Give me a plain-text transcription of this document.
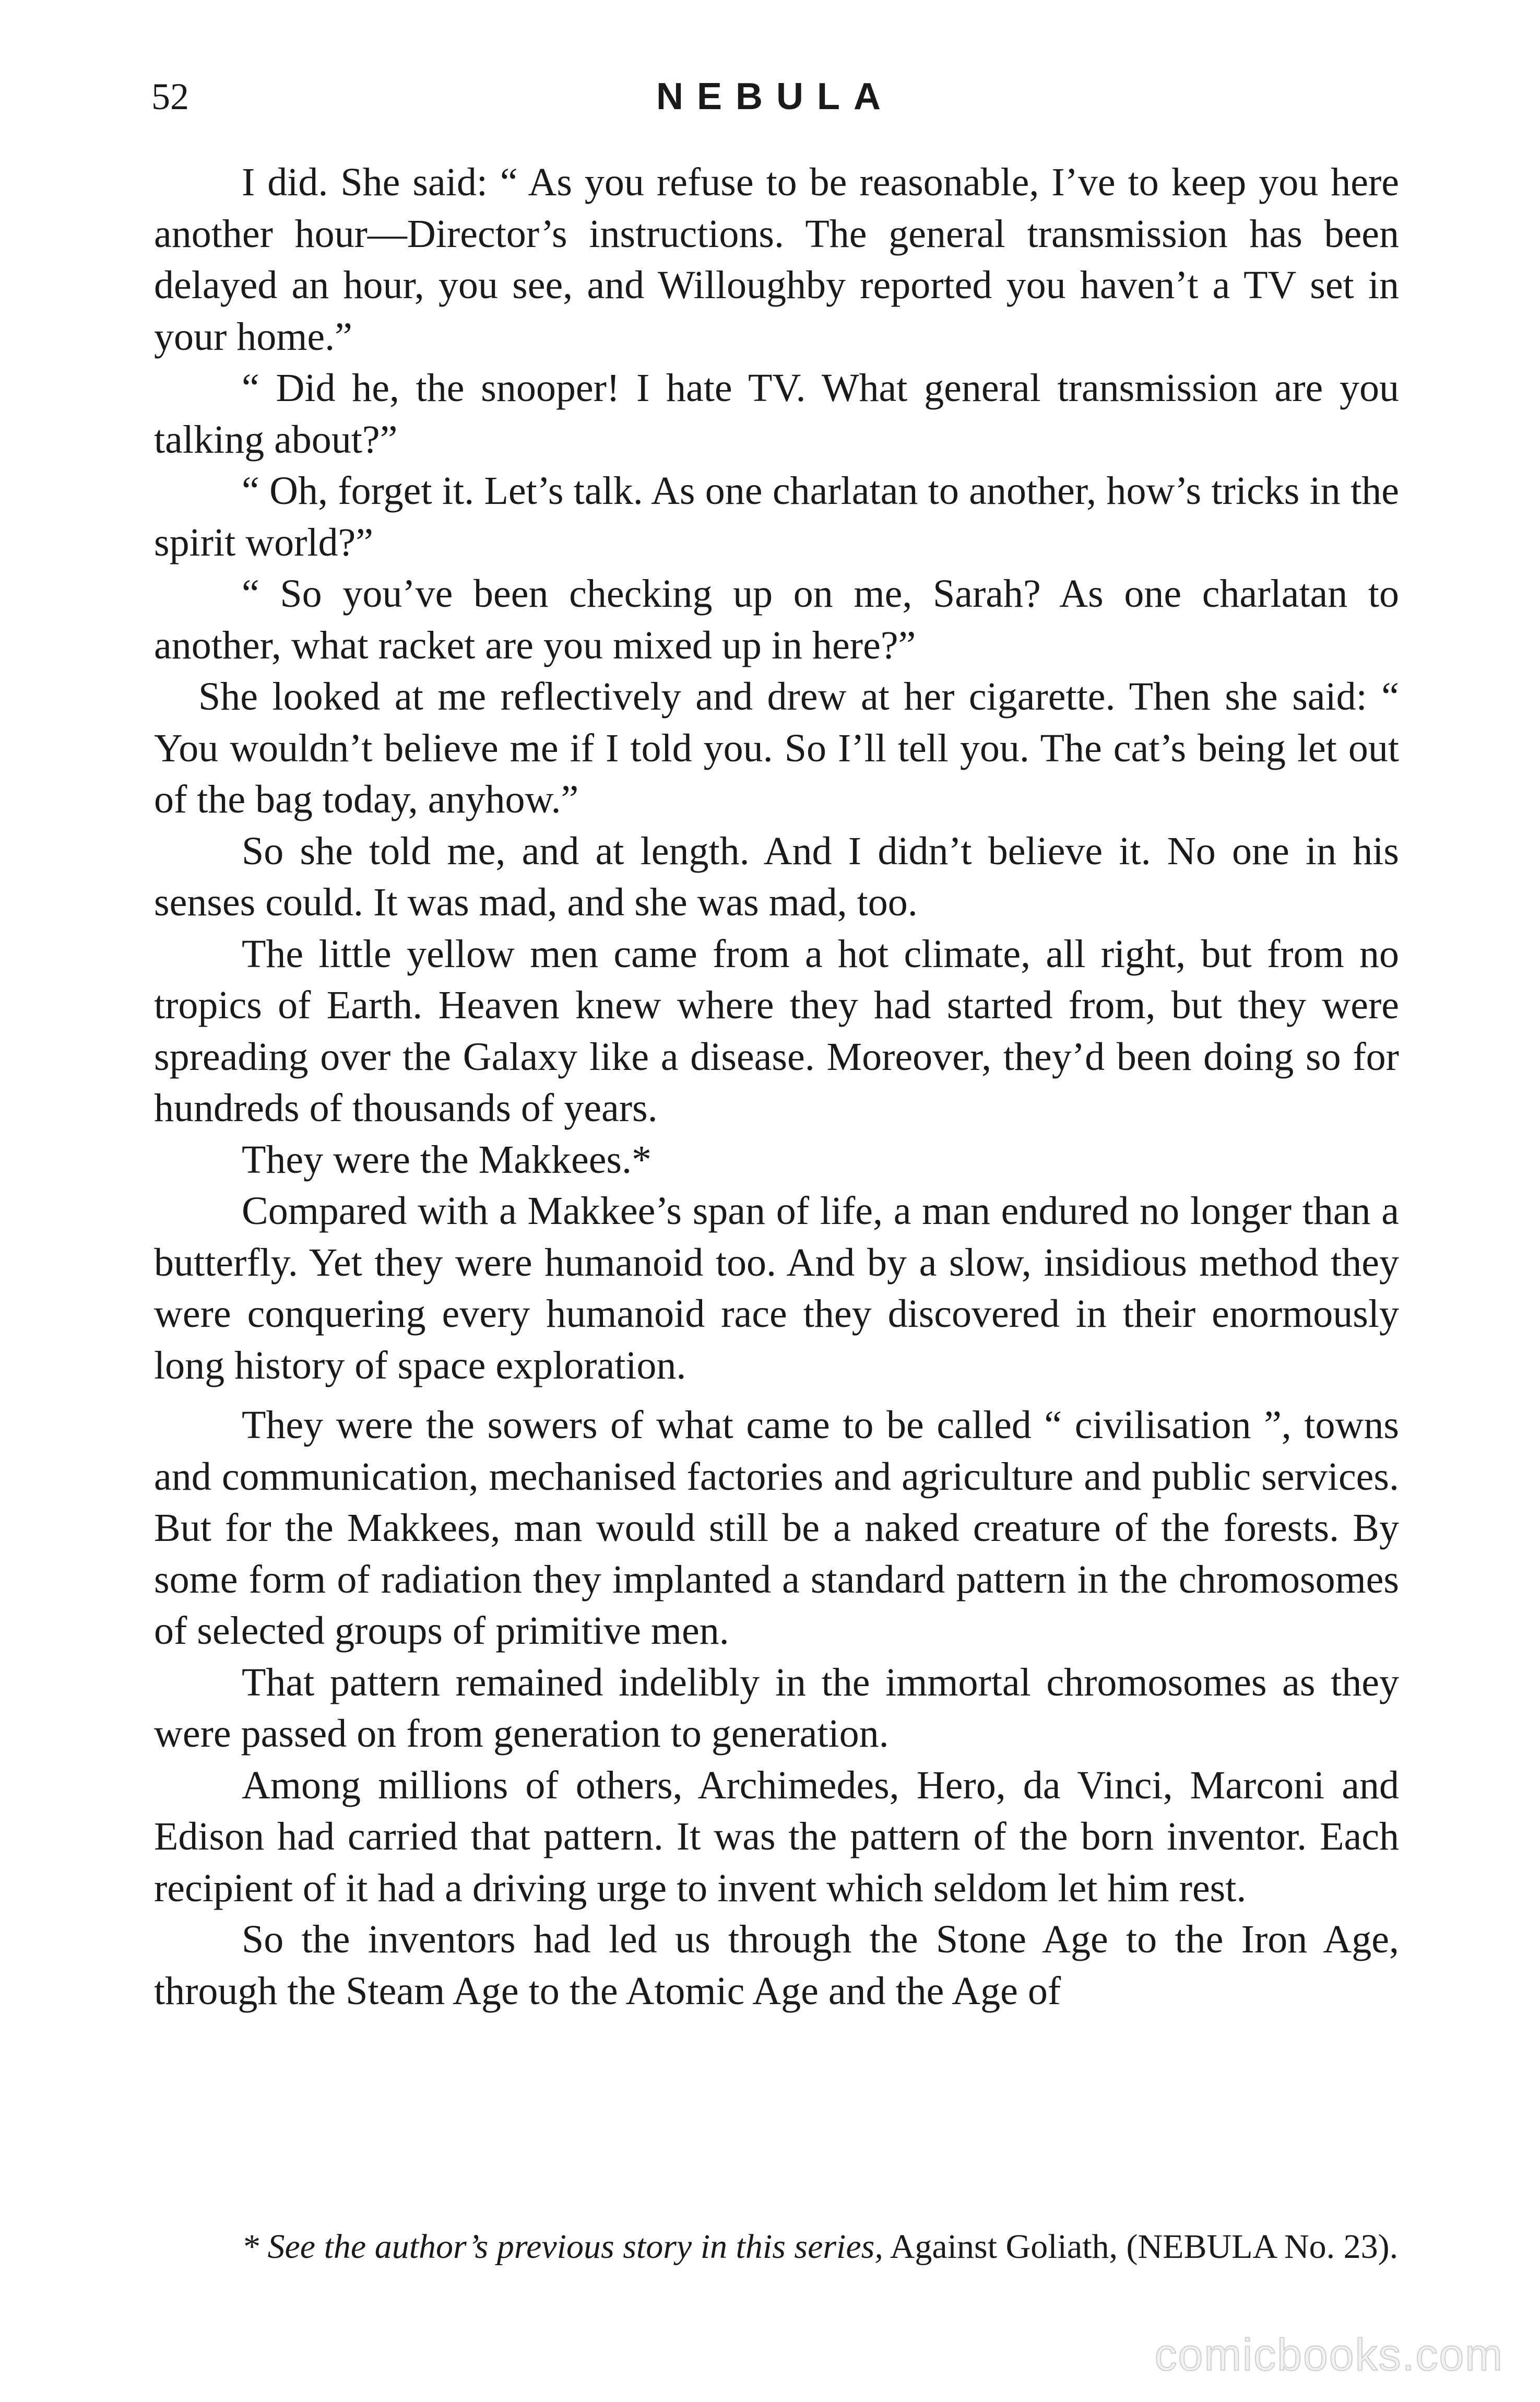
52	NEBULA

I did. She said: “ As you refuse to be reasonable, I’ve to keep you here another hour—Director’s instructions. The general transmission has been delayed an hour, you see, and Willoughby reported you haven’t a TV set in your home.”

“ Did he, the snooper! I hate TV. What general transmission are you talking about?”

“ Oh, forget it. Let’s talk. As one charlatan to another, how’s tricks in the spirit world?”

“ So you’ve been checking up on me, Sarah? As one charlatan to another, what racket are you mixed up in here?”

She looked at me reflectively and drew at her cigarette. Then she said: “ You wouldn’t believe me if I told you. So I’ll tell you. The cat’s being let out of the bag today, anyhow.”

So she told me, and at length. And I didn’t believe it. No one in his senses could. It was mad, and she was mad, too.

The little yellow men came from a hot climate, all right, but from no tropics of Earth. Heaven knew where they had started from, but they were spreading over the Galaxy like a disease. Moreover, they’d been doing so for hundreds of thousands of years.

They were the Makkees.*

Compared with a Makkee’s span of life, a man endured no longer than a butterfly. Yet they were humanoid too. And by a slow, insidious method they were conquering every humanoid race they discovered in their enormously long history of space exploration.

They were the sowers of what came to be called “ civilisation ”, towns and communication, mechanised factories and agriculture and public services. But for the Makkees, man would still be a naked creature of the forests. By some form of radiation they implanted a standard pattern in the chromosomes of selected groups of primitive men.

That pattern remained indelibly in the immortal chromosomes as they were passed on from generation to generation.

Among millions of others, Archimedes, Hero, da Vinci, Marconi and Edison had carried that pattern. It was the pattern of the born inventor. Each recipient of it had a driving urge to invent which seldom let him rest.

So the inventors had led us through the Stone Age to the Iron Age, through the Steam Age to the Atomic Age and the Age of

* See the author’s previous story in this series, Against Goliath, (NEBULA No. 23).

comicbooks.com
